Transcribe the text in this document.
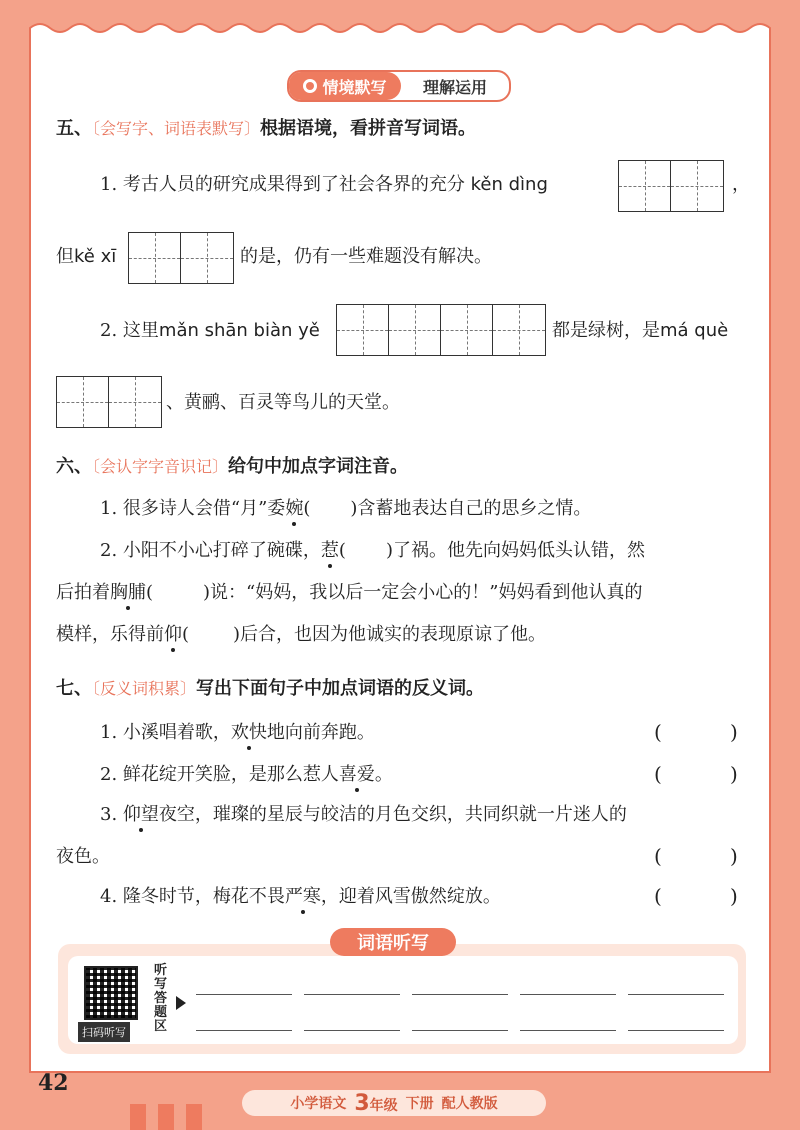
情境默写	理解运用
五、〔会写字、词语表默写〕根据语境，看拼音写词语。
1. 考古人员的研究成果得到了社会各界的充分 kěn dìng	，
但kě xī	的是，仍有一些难题没有解决。
2. 这里mǎn shān biàn yě	都是绿树，是má què
、黄鹂、百灵等鸟儿的天堂。
六、〔会认字字音识记〕给句中加点字词注音。
1. 很多诗人会借“月”委婉( )含蓄地表达自己的思乡之情。
2. 小阳不小心打碎了碗碟，惹( )了祸。他先向妈妈低头认错，然
后拍着胸脯(	)说：“妈妈，我以后一定会小心的！”妈妈看到他认真的
模样，乐得前仰( )后合，也因为他诚实的表现原谅了他。
七、〔反义词积累〕写出下面句子中加点词语的反义词。
1. 小溪唱着歌，欢快地向前奔跑。	(	)
2. 鲜花绽开笑脸，是那么惹人喜爱。	(	)
3. 仰望夜空，璀璨的星辰与皎洁的月色交织，共同织就一片迷人的
夜色。	(	)
4. 隆冬时节，梅花不畏严寒，迎着风雪傲然绽放。	(	)
扫码听写
听写答题区
词语听写
42
小学语文 3年级 下册 配人教版
